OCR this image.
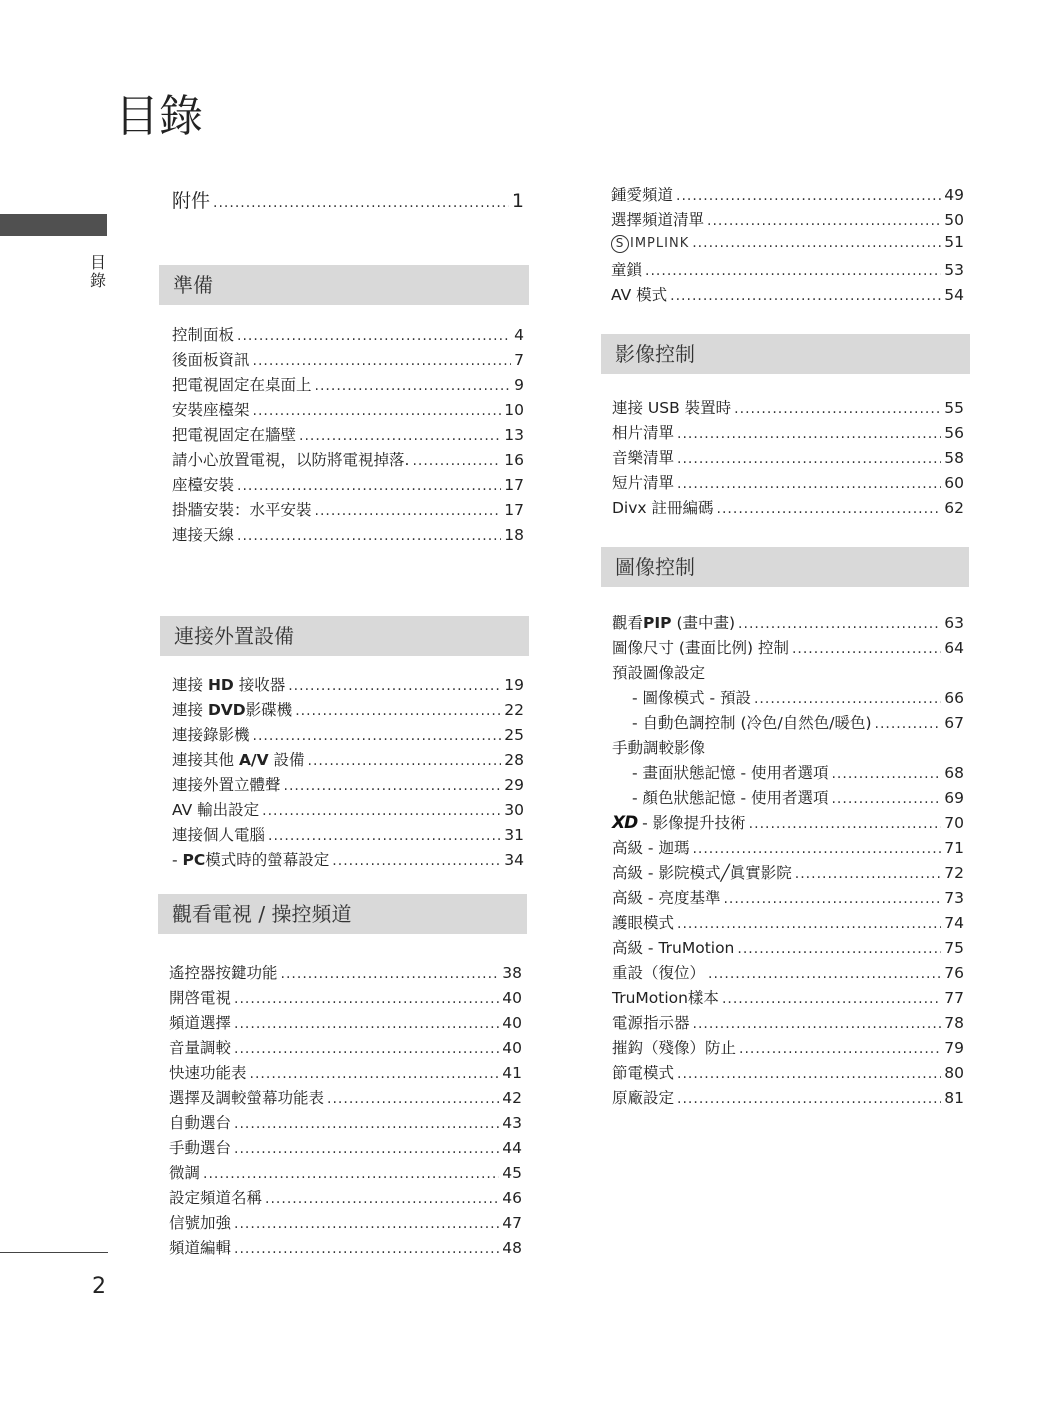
目錄
目
錄
附件 .....	1
準備
控制面板 .....	4
後面板資訊 .....	7
把電視固定在桌面上 .....	9
安裝座檯架 .....	10
把電視固定在牆壁 .....	13
請小心放置電視，以防將電視掉落. .....	16
座檯安裝 .....	17
掛牆安裝：水平安裝 .....	17
連接天線 .....	18
連接外置設備
連接 HD 接收器 .....	19
連接 DVD影碟機 .....	22
連接錄影機 .....	25
連接其他 A/V 設備 .....	28
連接外置立體聲 .....	29
AV 輸出設定 .....	30
連接個人電腦 .....	31
- PC模式時的螢幕設定 .....	34
觀看電視 / 操控頻道
遙控器按鍵功能 .....	38
開啓電視 .....	40
頻道選擇 .....	40
音量調較 .....	40
快速功能表 .....	41
選擇及調較螢幕功能表 .....	42
自動選台 .....	43
手動選台 .....	44
微調 .....	45
設定頻道名稱 .....	46
信號加強 .....	47
頻道編輯 .....	48
鍾愛頻道 .....	49
選擇頻道清單 .....	50
S IMPLINK .....	51
童鎖 .....	53
AV 模式 .....	54
影像控制
連接 USB 裝置時 .....	55
相片清單 .....	56
音樂清單 .....	58
短片清單 .....	60
Divx 註冊編碼 .....	62
圖像控制
觀看PIP (畫中畫) .....	63
圖像尺寸 (畫面比例) 控制 .....	64
預設圖像設定
- 圖像模式 - 預設 .....	66
- 自動色調控制 (冷色/自然色/暖色) .....	67
手動調較影像
- 畫面狀態記憶 - 使用者選項 .....	68
- 顏色狀態記憶 - 使用者選項 .....	69
XD - 影像提升技術 .....	70
高級 - 迦瑪 .....	71
高級 - 影院模式╱眞實影院 .....	72
高級 - 亮度基準 .....	73
護眼模式 .....	74
高級 - TruMotion .....	75
重設（復位） .....	76
TruMotion樣本 .....	77
電源指示器 .....	78
摧鈎（殘像）防止 .....	79
節電模式 .....	80
原廠設定 .....	81
2
